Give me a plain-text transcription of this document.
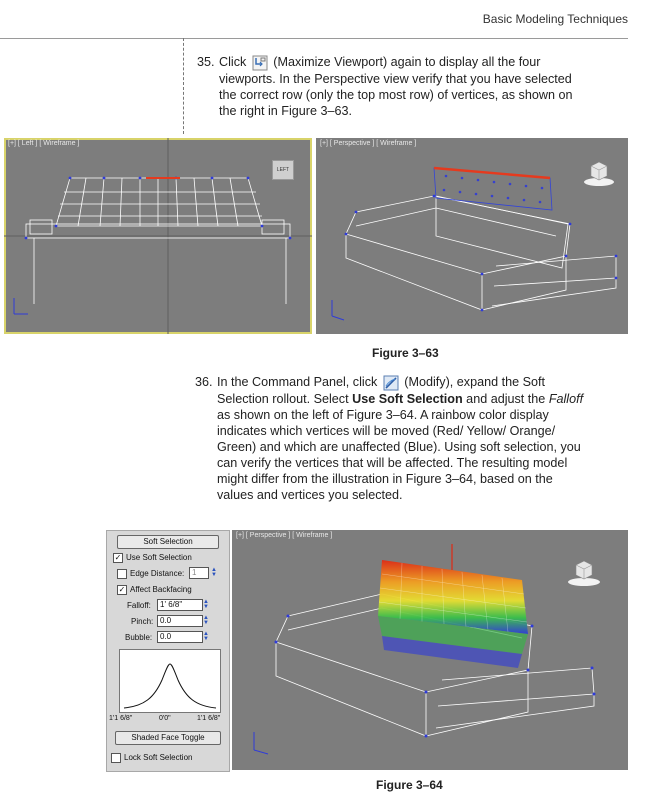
Basic Modeling Techniques
35. Click (Maximize Viewport) again to display all the four
viewports. In the Perspective view verify that you have selected
the correct row (only the top most row) of vertices, as shown on
the right in Figure 3–63.
[+] [ Left ] [ Wireframe ]
LEFT
[+] [ Perspective ] [ Wireframe ]
Figure 3–63
36. In the Command Panel, click (Modify), expand the Soft
Selection rollout. Select Use Soft Selection and adjust the Falloff
as shown on the left of Figure 3–64. A rainbow color display
indicates which vertices will be moved (Red/ Yellow/ Orange/
Green) and which are unaffected (Blue). Using soft selection, you
can verify the vertices that will be affected. The resulting model
might differ from the illustration in Figure 3–64, based on the
values and vertices you selected.
Soft Selection
✓ Use Soft Selection
Edge Distance: 1	▲
▼
✓ Affect Backfacing
Falloff:	1' 6/8"	▲
▼
Pinch: 0.0	▲
▼
Bubble: 0.0	▲
▼
1'1 6/8"	0'0"	1'1 6/8"
Shaded Face Toggle
Lock Soft Selection
[+] [ Perspective ] [ Wireframe ]
Figure 3–64
